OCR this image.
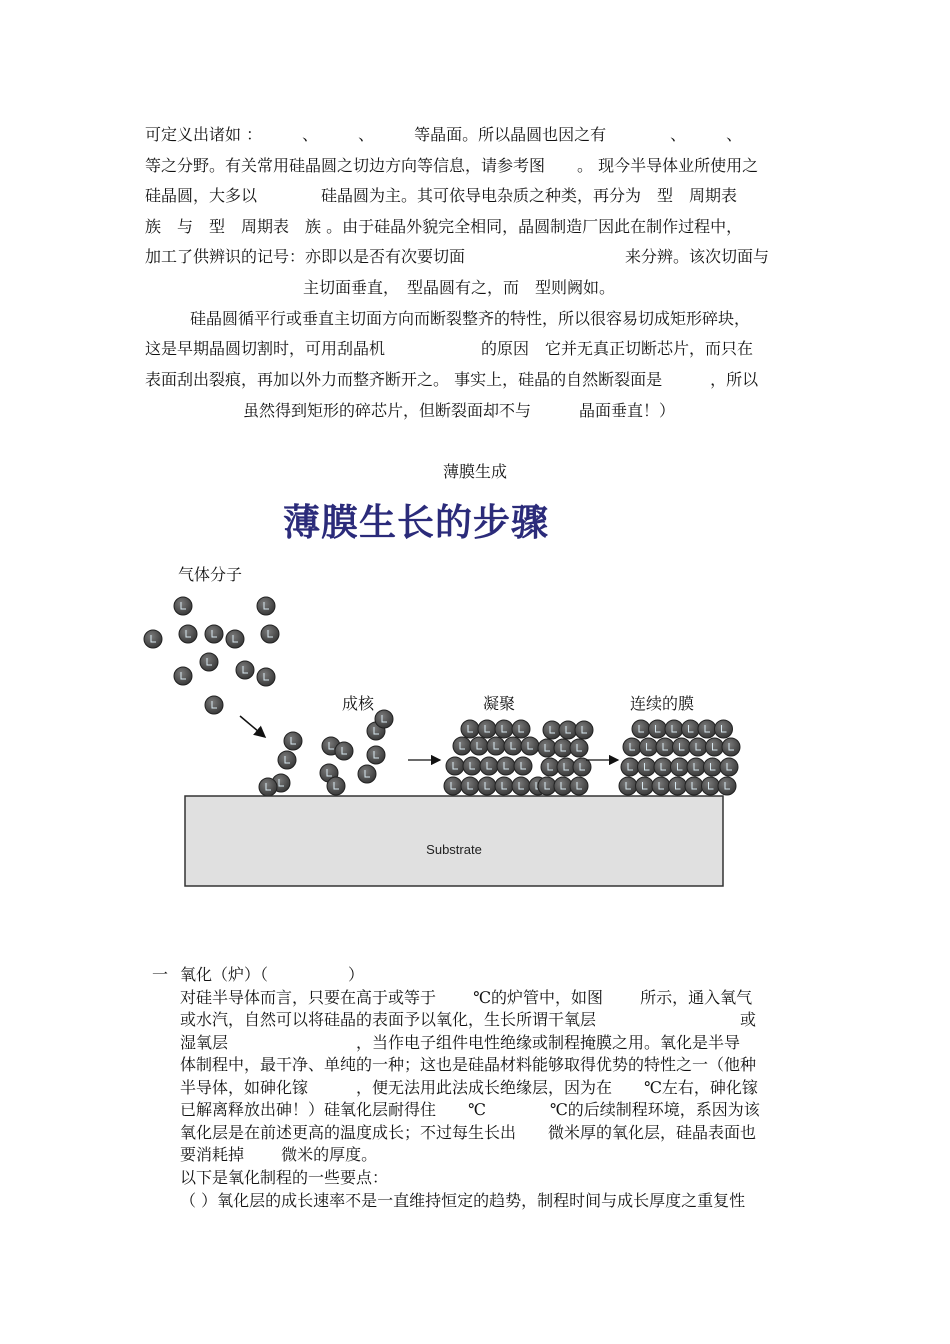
可定义出诸如 ：　　　、　　　、　　　等晶面。所以晶圆也因之有　　　　、　　　、
等之分野。有关常用硅晶圆之切边方向等信息，请参考图　　。 现今半导体业所使用之
硅晶圆，大多以　　　　硅晶圆为主。其可依导电杂质之种类，再分为　型　周期表
族　与　型　周期表　族 。由于硅晶外貌完全相同，晶圆制造厂因此在制作过程中，
加工了供辨识的记号：亦即以是否有次要切面　　　　　　　　　　来分辨。该次切面与
主切面垂直，　型晶圆有之，而　型则阙如。
硅晶圆循平行或垂直主切面方向而断裂整齐的特性，所以很容易切成矩形碎块，
这是早期晶圆切割时，可用刮晶机　　　　　　的原因　它并无真正切断芯片，而只在
表面刮出裂痕，再加以外力而整齐断开之。 事实上，硅晶的自然断裂面是　　　，所以
虽然得到矩形的碎芯片，但断裂面却不与　　　晶面垂直！）
薄膜生成
薄膜生长的步骤
气体分子
成核	凝聚	连续的膜
Substrate
一 氧化（炉）（　　　　　）
对硅半导体而言，只要在高于或等于　　 ℃的炉管中，如图　　 所示，通入氧气
或水汽，自然可以将硅晶的表面予以氧化，生长所谓干氧层　　　　　　　　　或
湿氧层　　　　　　　　，当作电子组件电性绝缘或制程掩膜之用。氧化是半导
体制程中，最干净、单纯的一种；这也是硅晶材料能够取得优势的特性之一（他种
半导体，如砷化镓　　　，便无法用此法成长绝缘层，因为在　　℃左右，砷化镓
已解离释放出砷！）硅氧化层耐得住　　℃　　　　℃的后续制程环境，系因为该
氧化层是在前述更高的温度成长；不过每生长出　　微米厚的氧化层，硅晶表面也
要消耗掉　　 微米的厚度。
以下是氧化制程的一些要点：
（ ）氧化层的成长速率不是一直维持恒定的趋势，制程时间与成长厚度之重复性
